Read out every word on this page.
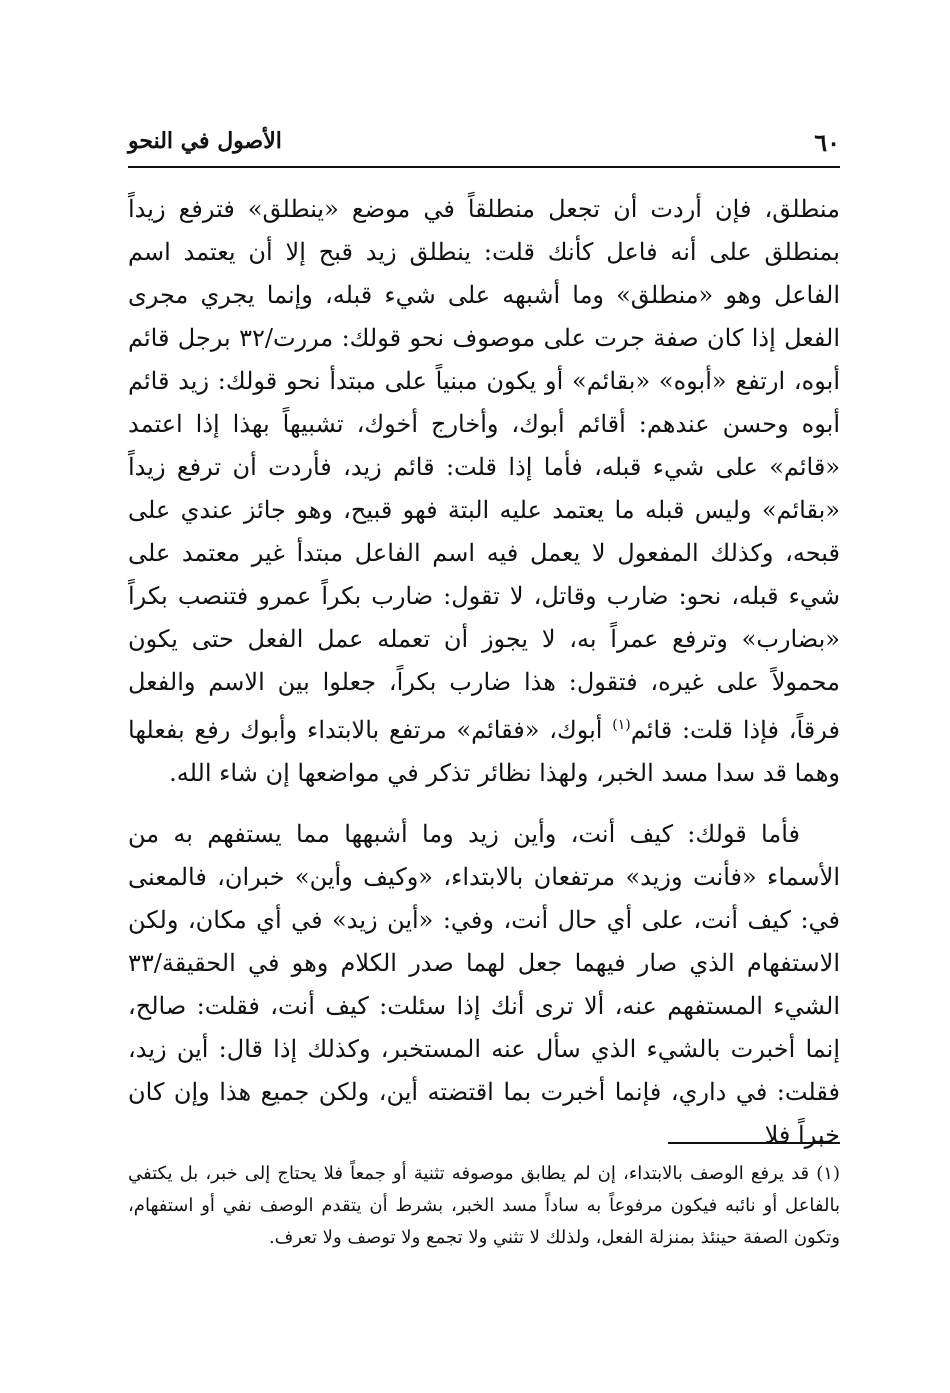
٦٠
الأصول في النحو

منطلق، فإن أردت أن تجعل منطلقاً في موضع «ينطلق» فترفع زيداً بمنطلق على أنه فاعل كأنك قلت: ينطلق زيد قبح إلا أن يعتمد اسم الفاعل وهو «منطلق» وما أشبهه على شيء قبله، وإنما يجري مجرى الفعل إذا كان صفة جرت على موصوف نحو قولك: مررت/٣٢ برجل قائم أبوه، ارتفع «أبوه» «بقائم» أو يكون مبنياً على مبتدأ نحو قولك: زيد قائم أبوه وحسن عندهم: أقائم أبوك، وأخارج أخوك، تشبيهاً بهذا إذا اعتمد «قائم» على شيء قبله، فأما إذا قلت: قائم زيد، فأردت أن ترفع زيداً «بقائم» وليس قبله ما يعتمد عليه البتة فهو قبيح، وهو جائز عندي على قبحه، وكذلك المفعول لا يعمل فيه اسم الفاعل مبتدأ غير معتمد على شيء قبله، نحو: ضارب وقاتل، لا تقول: ضارب بكراً عمرو فتنصب بكراً «بضارب» وترفع عمراً به، لا يجوز أن تعمله عمل الفعل حتى يكون محمولاً على غيره، فتقول: هذا ضارب بكراً، جعلوا بين الاسم والفعل فرقاً، فإذا قلت: قائم$^{(١)}$ أبوك، «فقائم» مرتفع بالابتداء وأبوك رفع بفعلها وهما قد سدا مسد الخبر، ولهذا نظائر تذكر في مواضعها إن شاء الله.

فأما قولك: كيف أنت، وأين زيد وما أشبهها مما يستفهم به من الأسماء «فأنت وزيد» مرتفعان بالابتداء، «وكيف وأين» خبران، فالمعنى في: كيف أنت، على أي حال أنت، وفي: «أين زيد» في أي مكان، ولكن الاستفهام الذي صار فيهما جعل لهما صدر الكلام وهو في الحقيقة/٣٣ الشيء المستفهم عنه، ألا ترى أنك إذا سئلت: كيف أنت، فقلت: صالح، إنما أخبرت بالشيء الذي سأل عنه المستخبر، وكذلك إذا قال: أين زيد، فقلت: في داري، فإنما أخبرت بما اقتضته أين، ولكن جميع هذا وإن كان خبراً فلا

(١) قد يرفع الوصف بالابتداء، إن لم يطابق موصوفه تثنية أو جمعاً فلا يحتاج إلى خبر، بل يكتفي بالفاعل أو نائبه فيكون مرفوعاً به ساداً مسد الخبر، بشرط أن يتقدم الوصف نفي أو استفهام، وتكون الصفة حينئذ بمنزلة الفعل، ولذلك لا تثني ولا تجمع ولا توصف ولا تعرف.
